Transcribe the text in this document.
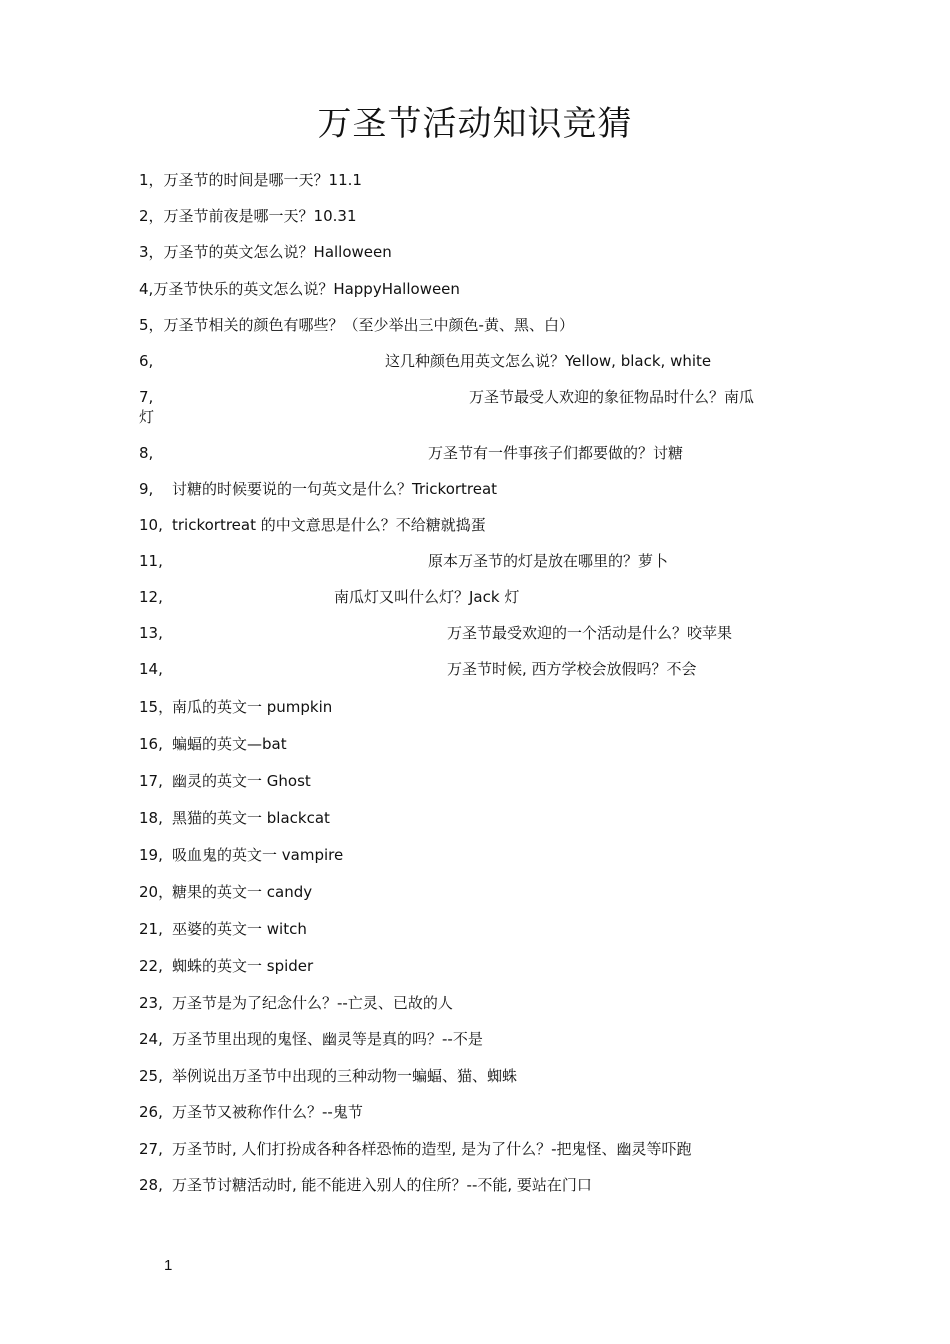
万圣节活动知识竞猜
1，万圣节的时间是哪一天？11.1
2，万圣节前夜是哪一天？10.31
3，万圣节的英文怎么说？Halloween
4,万圣节快乐的英文怎么说？HappyHalloween
5，万圣节相关的颜色有哪些？（至少举出三中颜色-黄、黑、白）
6,	这几种颜色用英文怎么说？Yellow, black, white
7,	万圣节最受人欢迎的象征物品时什么？南瓜
灯
8,	万圣节有一件事孩子们都要做的？讨糖
9, 讨糖的时候要说的一句英文是什么？Trickortreat
10, trickortreat 的中文意思是什么？不给糖就捣蛋
11,	原本万圣节的灯是放在哪里的？萝卜
12,	南瓜灯又叫什么灯？Jack 灯
13,	万圣节最受欢迎的一个活动是什么？咬苹果
14,	万圣节时候, 西方学校会放假吗？不会
15，南瓜的英文一 pumpkin
16, 蝙蝠的英文—bat
17, 幽灵的英文一 Ghost
18, 黑猫的英文一 blackcat
19, 吸血鬼的英文一 vampire
20，糖果的英文一 candy
21, 巫婆的英文一 witch
22, 蜘蛛的英文一 spider
23, 万圣节是为了纪念什么？--亡灵、已故的人
24, 万圣节里出现的鬼怪、幽灵等是真的吗？--不是
25, 举例说出万圣节中出现的三种动物一蝙蝠、猫、蜘蛛
26, 万圣节又被称作什么？--鬼节
27, 万圣节时, 人们打扮成各种各样恐怖的造型, 是为了什么？-把鬼怪、幽灵等吓跑
28, 万圣节讨糖活动时, 能不能进入别人的住所？--不能, 要站在门口
1
